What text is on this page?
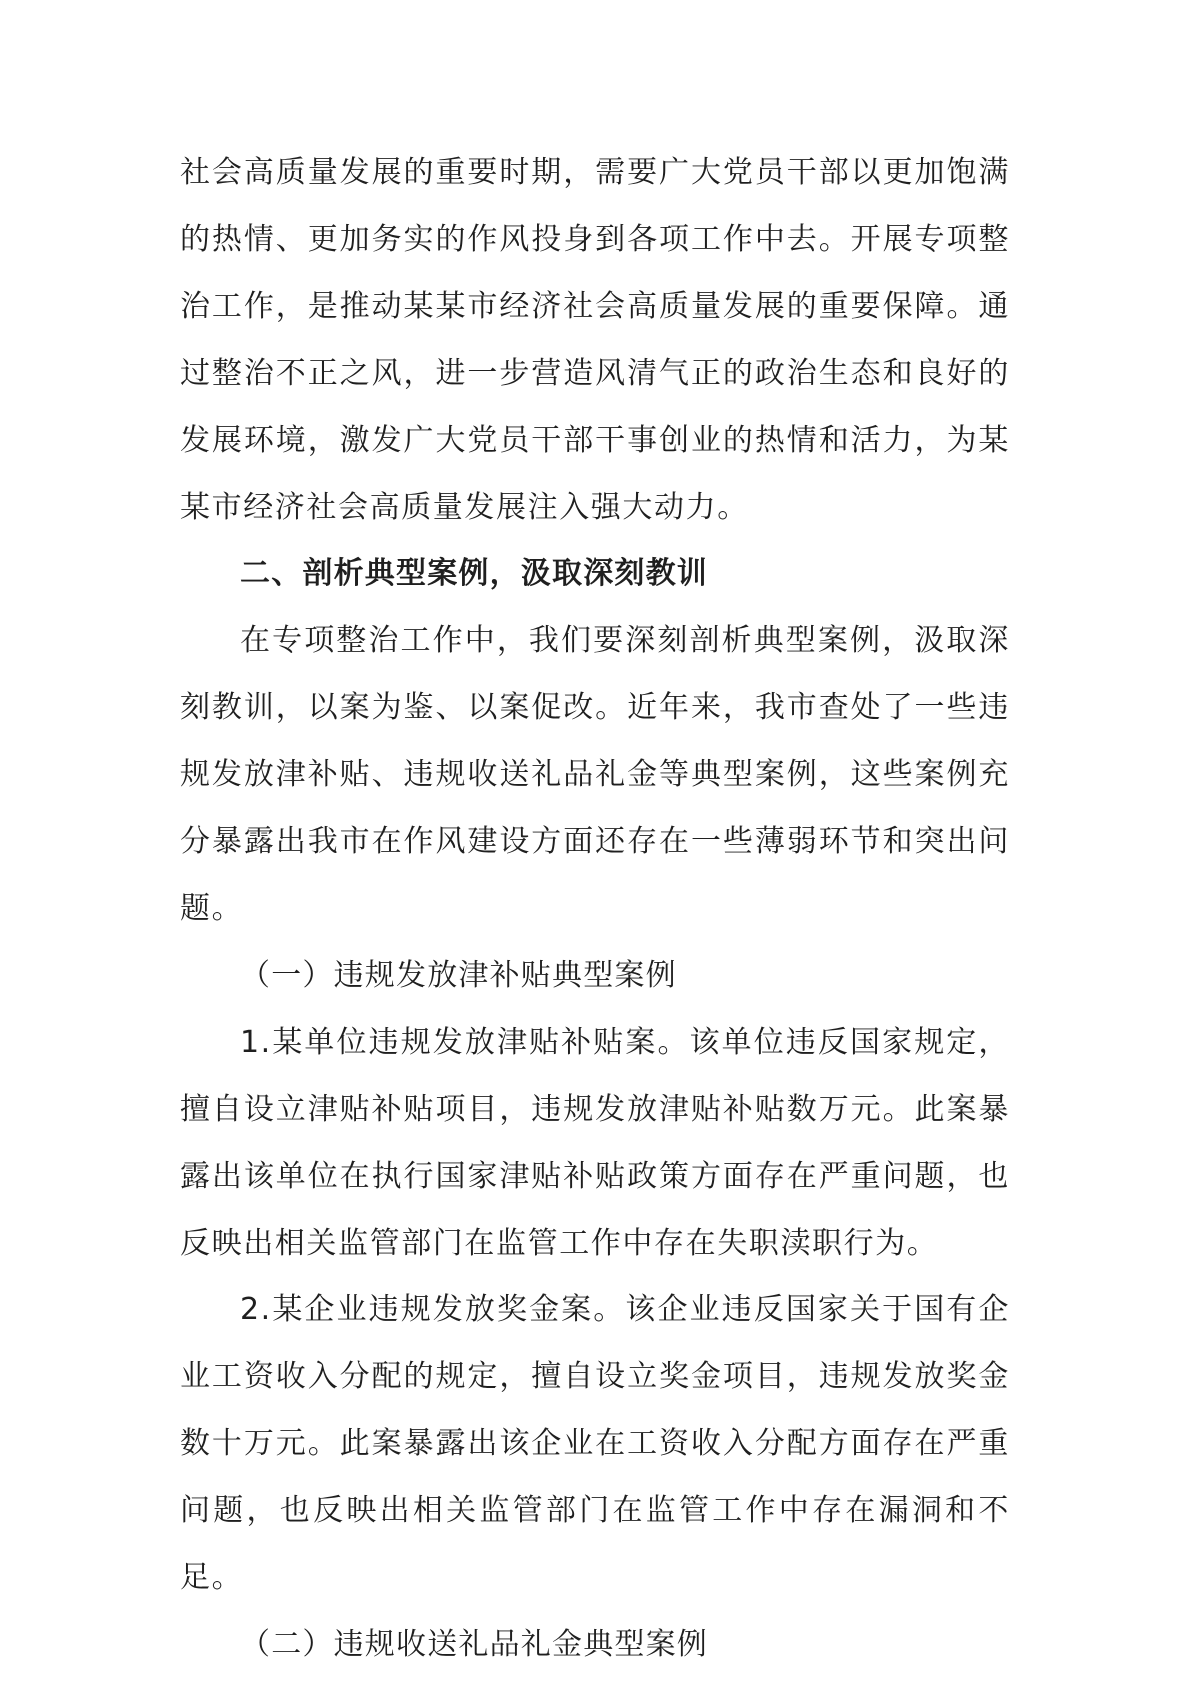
社会高质量发展的重要时期，需要广大党员干部以更加饱满的热情、更加务实的作风投身到各项工作中去。开展专项整治工作，是推动某某市经济社会高质量发展的重要保障。通过整治不正之风，进一步营造风清气正的政治生态和良好的发展环境，激发广大党员干部干事创业的热情和活力，为某某市经济社会高质量发展注入强大动力。

二、剖析典型案例，汲取深刻教训

在专项整治工作中，我们要深刻剖析典型案例，汲取深刻教训，以案为鉴、以案促改。近年来，我市查处了一些违规发放津补贴、违规收送礼品礼金等典型案例，这些案例充分暴露出我市在作风建设方面还存在一些薄弱环节和突出问题。

（一）违规发放津补贴典型案例

1.某单位违规发放津贴补贴案。该单位违反国家规定，擅自设立津贴补贴项目，违规发放津贴补贴数万元。此案暴露出该单位在执行国家津贴补贴政策方面存在严重问题，也反映出相关监管部门在监管工作中存在失职渎职行为。

2.某企业违规发放奖金案。该企业违反国家关于国有企业工资收入分配的规定，擅自设立奖金项目，违规发放奖金数十万元。此案暴露出该企业在工资收入分配方面存在严重问题，也反映出相关监管部门在监管工作中存在漏洞和不足。

（二）违规收送礼品礼金典型案例
